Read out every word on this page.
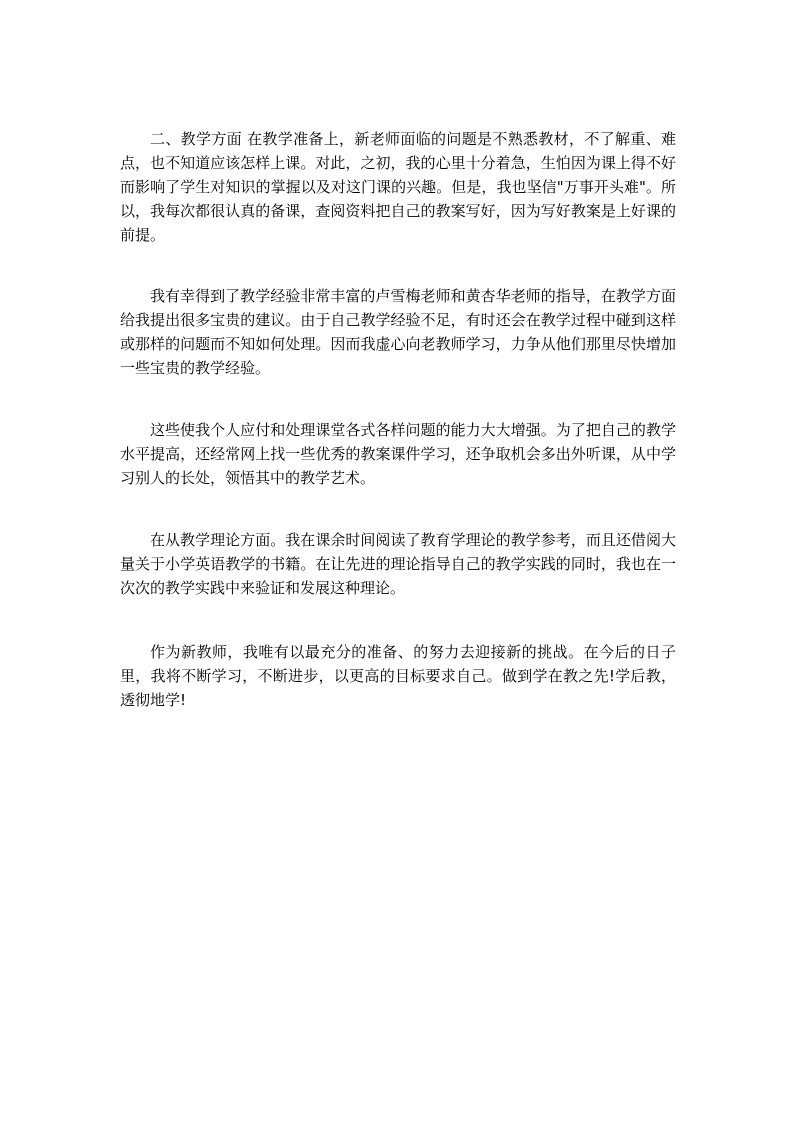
二、教学方面 在教学准备上，新老师面临的问题是不熟悉教材，不了解重、难点，也不知道应该怎样上课。对此，之初，我的心里十分着急，生怕因为课上得不好而影响了学生对知识的掌握以及对这门课的兴趣。但是，我也坚信"万事开头难"。所以，我每次都很认真的备课，查阅资料把自己的教案写好，因为写好教案是上好课的前提。

我有幸得到了教学经验非常丰富的卢雪梅老师和黄杏华老师的指导，在教学方面给我提出很多宝贵的建议。由于自己教学经验不足，有时还会在教学过程中碰到这样或那样的问题而不知如何处理。因而我虚心向老教师学习，力争从他们那里尽快增加一些宝贵的教学经验。

这些使我个人应付和处理课堂各式各样问题的能力大大增强。为了把自己的教学水平提高，还经常网上找一些优秀的教案课件学习，还争取机会多出外听课，从中学习别人的长处，领悟其中的教学艺术。

在从教学理论方面。我在课余时间阅读了教育学理论的教学参考，而且还借阅大量关于小学英语教学的书籍。在让先进的理论指导自己的教学实践的同时，我也在一次次的教学实践中来验证和发展这种理论。

作为新教师，我唯有以最充分的准备、的努力去迎接新的挑战。在今后的日子里，我将不断学习，不断进步，以更高的目标要求自己。做到学在教之先!学后教，透彻地学!
